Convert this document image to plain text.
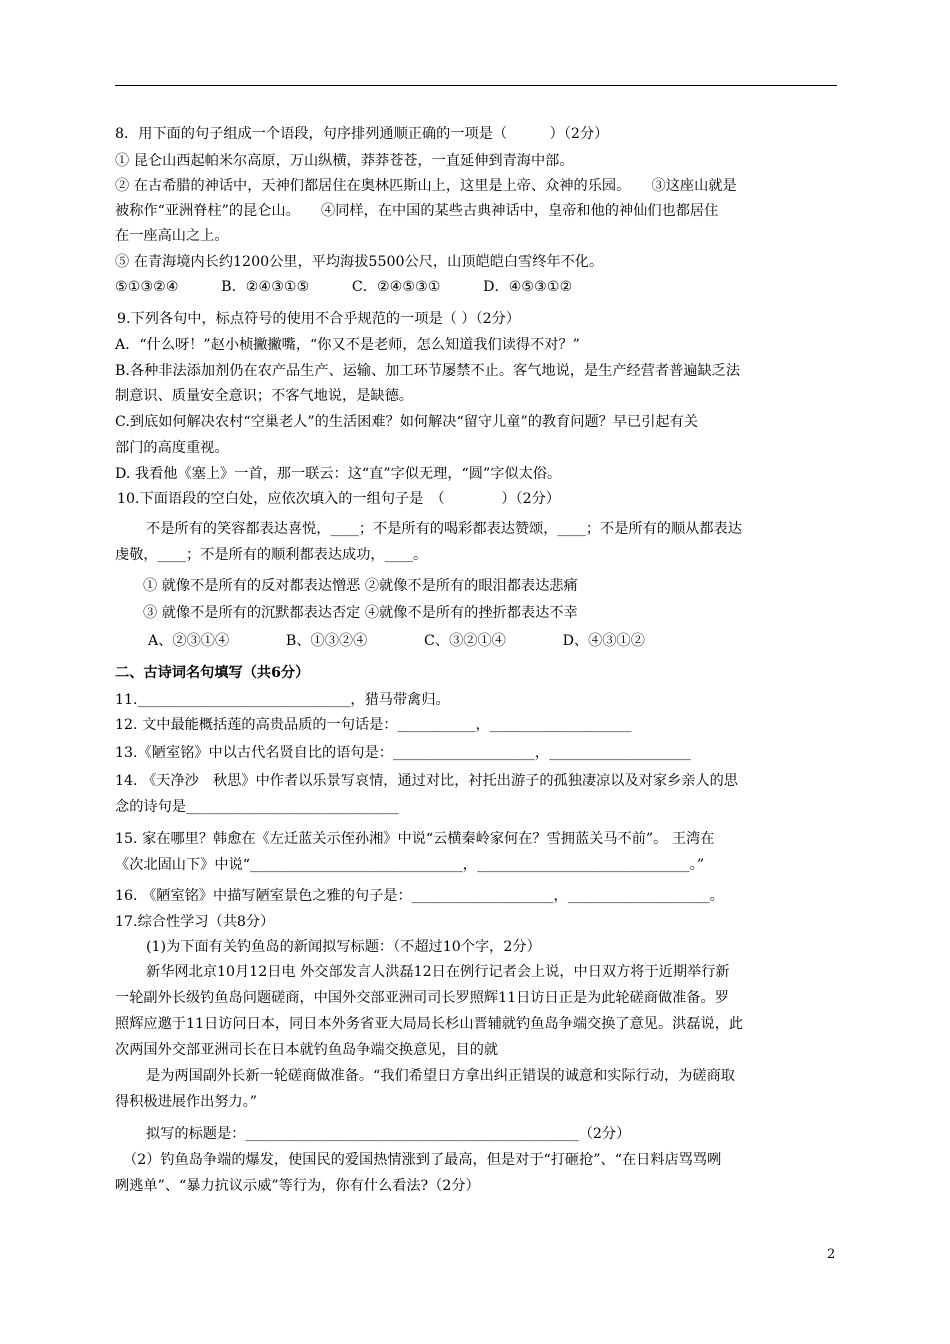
8．用下面的句子组成一个语段，句序排列通顺正确的一项是（　　　）（2分）
① 昆仑山西起帕米尔高原，万山纵横，莽莽苍苍，一直延伸到青海中部。
② 在古希腊的神话中，天神们都居住在奥林匹斯山上，这里是上帝、众神的乐园。　　③这座山就是
被称作“亚洲脊柱”的昆仑山。　　④同样，在中国的某些古典神话中，皇帝和他的神仙们也都居住
在一座高山之上。
⑤ 在青海境内长约1200公里，平均海拔5500公尺，山顶皑皑白雪终年不化。
⑤①③②④　　　B．②④③①⑤　　　C．②④⑤③①　　　D．④⑤③①②
9.下列各句中，标点符号的使用不合乎规范的一项是（ ）（2分）
A．“什么呀！”赵小桢撇撇嘴，“你又不是老师，怎么知道我们读得不对？”
B.各种非法添加剂仍在农产品生产、运输、加工环节屡禁不止。客气地说，是生产经营者普遍缺乏法
制意识、质量安全意识；不客气地说，是缺德。
C.到底如何解决农村“空巢老人”的生活困难？如何解决“留守儿童”的教育问题？早已引起有关
部门的高度重视。
D. 我看他《塞上》一首，那一联云：这“直”字似无理，“圆”字似太俗。
10.下面语段的空白处，应依次填入的一组句子是　（　　　　）（2分）
不是所有的笑容都表达喜悦，____；不是所有的喝彩都表达赞颂，____；不是所有的顺从都表达
虔敬，____；不是所有的顺利都表达成功，____。
① 就像不是所有的反对都表达憎恶 ②就像不是所有的眼泪都表达悲痛
③ 就像不是所有的沉默都表达否定 ④就像不是所有的挫折都表达不幸
A、②③①④　　　　B、①③②④　　　　C、③②①④　　　　D、④③①②
二、古诗词名句填写（共6分）
11.______________________________，猎马带禽归。
12. 文中最能概括莲的高贵品质的一句话是：___________，____________________
13.《陋室铭》中以古代名贤自比的语句是：____________________，____________________
14. 《天净沙　秋思》中作者以乐景写哀情，通过对比，衬托出游子的孤独凄凉以及对家乡亲人的思
念的诗句是______________________________
15. 家在哪里？韩愈在《左迁蓝关示侄孙湘》中说“云横秦岭家何在？雪拥蓝关马不前”。 王湾在
《次北固山下》中说“______________________________，______________________________。”
16. 《陋室铭》中描写陋室景色之雅的句子是：____________________，____________________。
17.综合性学习（共8分）
(1)为下面有关钓鱼岛的新闻拟写标题：（不超过10个字，2分）
新华网北京10月12日电 外交部发言人洪磊12日在例行记者会上说，中日双方将于近期举行新
一轮副外长级钓鱼岛问题磋商，中国外交部亚洲司司长罗照辉11日访日正是为此轮磋商做准备。罗
照辉应邀于11日访问日本，同日本外务省亚大局局长杉山晋辅就钓鱼岛争端交换了意见。洪磊说，此
次两国外交部亚洲司长在日本就钓鱼岛争端交换意见，目的就
是为两国副外长新一轮磋商做准备。“我们希望日方拿出纠正错误的诚意和实际行动，为磋商取
得积极进展作出努力。”
拟写的标题是：_______________________________________________（2分）
（2）钓鱼岛争端的爆发，使国民的爱国热情涨到了最高，但是对于“打砸抢”、“在日料店骂骂咧
咧逃单”、“暴力抗议示威”等行为，你有什么看法?（2分）
2
